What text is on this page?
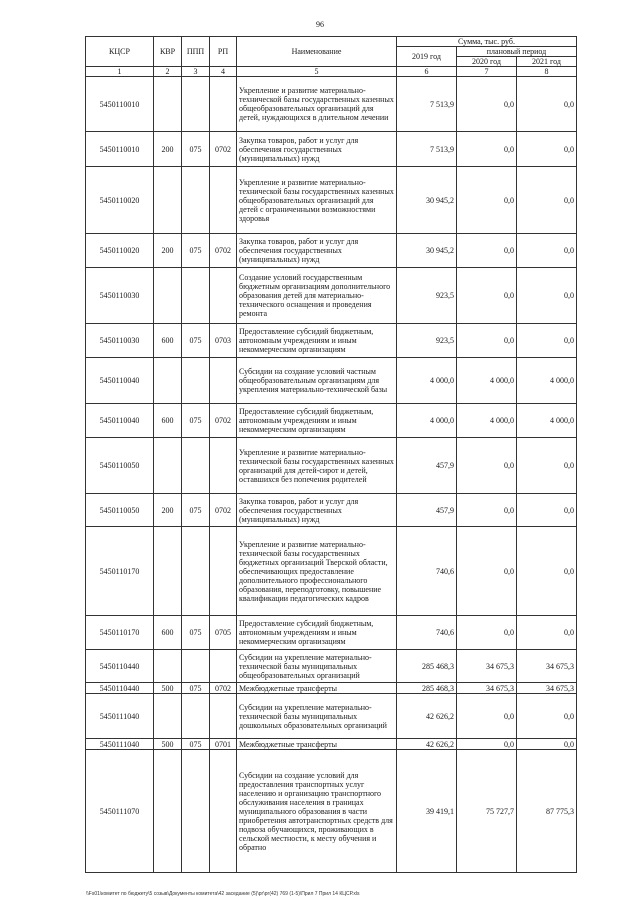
96
КЦСР	КВР	ППП	РП	Наименование	Сумма, тыс. руб.		
					2019 год	плановый период	
						2020 год	2021 год
1	2	3	4	5	6	7	8
5450110010				Укрепление и развитие материально-технической базы государственных казенных общеобразовательных организаций для детей, нуждающихся в длительном лечении	7 513,9	0,0	0,0
5450110010	200	075	0702	Закупка товаров, работ и услуг для обеспечения государственных (муниципальных) нужд	7 513,9	0,0	0,0
5450110020				Укрепление и развитие материально-технической базы государственных казенных общеобразовательных организаций для детей с ограниченными возможностями здоровья	30 945,2	0,0	0,0
5450110020	200	075	0702	Закупка товаров, работ и услуг для обеспечения государственных (муниципальных) нужд	30 945,2	0,0	0,0
5450110030				Создание условий государственным бюджетным организациям дополнительного образования детей для материально-технического оснащения и проведения ремонта	923,5	0,0	0,0
5450110030	600	075	0703	Предоставление субсидий бюджетным, автономным учреждениям и иным некоммерческим организациям	923,5	0,0	0,0
5450110040				Субсидии на создание условий частным общеобразовательным организациям для укрепления материально-технической базы	4 000,0	4 000,0	4 000,0
5450110040	600	075	0702	Предоставление субсидий бюджетным, автономным учреждениям и иным некоммерческим организациям	4 000,0	4 000,0	4 000,0
5450110050				Укрепление и развитие материально-технической базы государственных казенных организаций для детей-сирот и детей, оставшихся без попечения родителей	457,9	0,0	0,0
5450110050	200	075	0702	Закупка товаров, работ и услуг для обеспечения государственных (муниципальных) нужд	457,9	0,0	0,0
5450110170				Укрепление и развитие материально-технической базы государственных бюджетных организаций Тверской области, обеспечивающих предоставление дополнительного профессионального образования, переподготовку, повышение квалификации педагогических кадров	740,6	0,0	0,0
5450110170	600	075	0705	Предоставление субсидий бюджетным, автономным учреждениям и иным некоммерческим организациям	740,6	0,0	0,0
5450110440				Субсидии на укрепление материально-технической базы муниципальных общеобразовательных организаций	285 468,3	34 675,3	34 675,3
5450110440	500	075	0702	Межбюджетные трансферты	285 468,3	34 675,3	34 675,3
5450111040				Субсидии на укрепление материально-технической базы муниципальных дошкольных образовательных организаций	42 626,2	0,0	0,0
5450111040	500	075	0701	Межбюджетные трансферты	42 626,2	0,0	0,0
5450111070				Субсидии на создание условий для предоставления транспортных услуг населению и организацию транспортного обслуживания населения в границах муниципального образования в части приобретения автотранспортных средств для подвоза обучающихся, проживающих в сельской местности, к месту обучения и обратно	39 419,1	75 727,7	87 775,3
\\Fs01\комитет по бюджету\5 созыв\Документы комитета\42 заседание (5)\рг\рг(42) 769 (1-5)\Прил 7 Прил 14 КЦСР.xls
